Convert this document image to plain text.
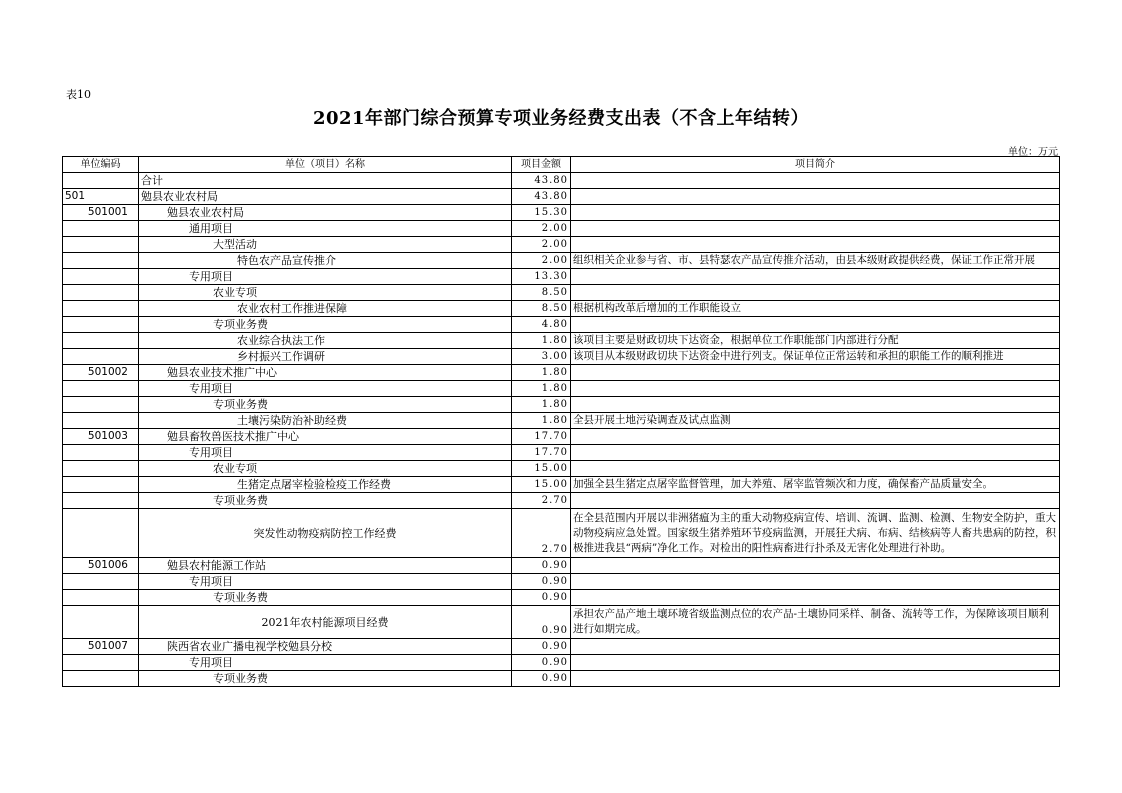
表10
2021年部门综合预算专项业务经费支出表（不含上年结转）
单位：万元
单位编码	单位（项目）名称	项目金额	项目简介
	合计	43.80	
501	勉县农业农村局	43.80	
501001	勉县农业农村局	15.30	
	通用项目	2.00	
	大型活动	2.00	
	特色农产品宣传推介	2.00	组织相关企业参与省、市、县特瑟农产品宣传推介活动，由县本级财政提供经费，保证工作正常开展
	专用项目	13.30	
	农业专项	8.50	
	农业农村工作推进保障	8.50	根据机构改革后增加的工作职能设立
	专项业务费	4.80	
	农业综合执法工作	1.80	该项目主要是财政切块下达资金，根据单位工作职能部门内部进行分配
	乡村振兴工作调研	3.00	该项目从本级财政切块下达资金中进行列支。保证单位正常运转和承担的职能工作的顺利推进
501002	勉县农业技术推广中心	1.80	
	专用项目	1.80	
	专项业务费	1.80	
	土壤污染防治补助经费	1.80	全县开展土地污染调查及试点监测
501003	勉县畜牧兽医技术推广中心	17.70	
	专用项目	17.70	
	农业专项	15.00	
	生猪定点屠宰检验检疫工作经费	15.00	加强全县生猪定点屠宰监督管理，加大养殖、屠宰监管频次和力度，确保畜产品质量安全。
	专项业务费	2.70	
	突发性动物疫病防控工作经费	2.70	在全县范围内开展以非洲猪瘟为主的重大动物疫病宣传、培训、流调、监测、检测、生物安全防护，重大动物疫病应急处置。国家级生猪养殖环节疫病监测，开展狂犬病、布病、结核病等人畜共患病的防控，积极推进我县“两病”净化工作。对检出的阳性病畜进行扑杀及无害化处理进行补助。
501006	勉县农村能源工作站	0.90	
	专用项目	0.90	
	专项业务费	0.90	
	2021年农村能源项目经费	0.90	承担农产品产地土壤环境省级监测点位的农产品-土壤协同采样、制备、流转等工作，为保障该项目顺利进行如期完成。
501007	陕西省农业广播电视学校勉县分校	0.90	
	专用项目	0.90	
	专项业务费	0.90	
